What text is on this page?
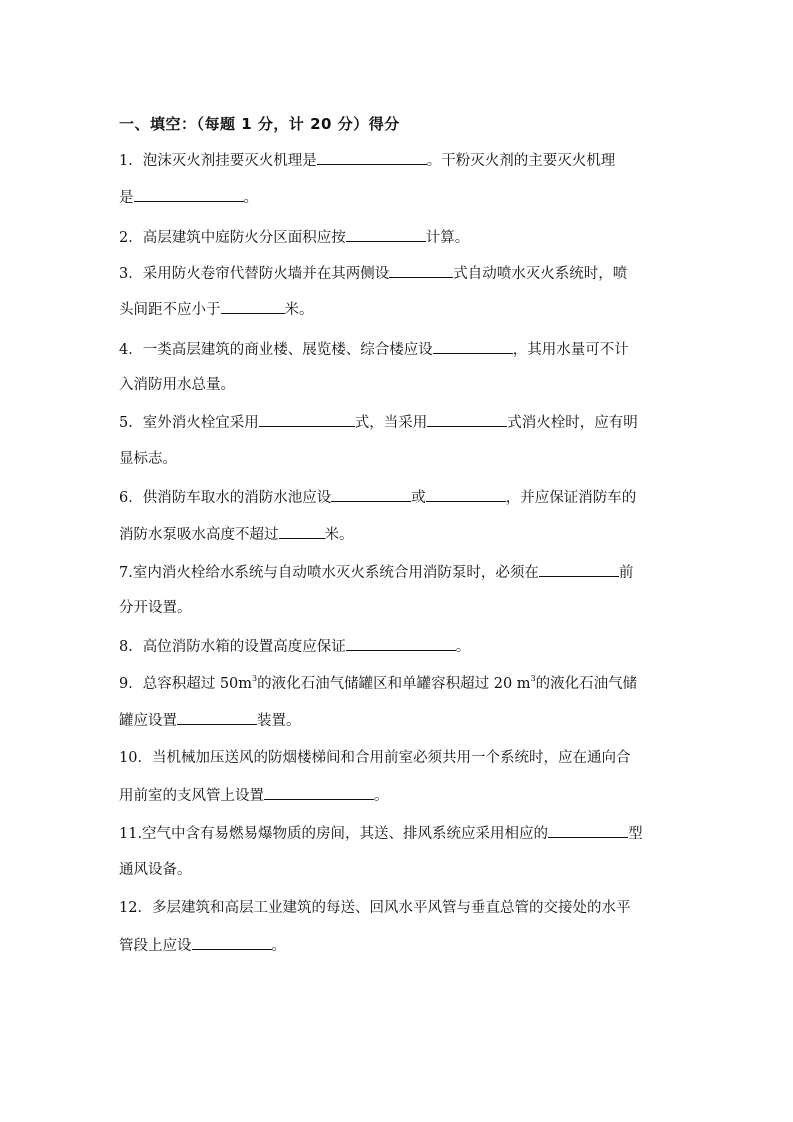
一、填空：（每题 1 分，计 20 分）得分
1．泡沫灭火剂挂要灭火机理是	。干粉灭火剂的主要灭火机理
是	。
2．高层建筑中庭防火分区面积应按	计算。
3．采用防火卷帘代替防火墙并在其两侧设	式自动喷水灭火系统时，喷
头间距不应小于	米。
4．一类高层建筑的商业楼、展览楼、综合楼应设	，其用水量可不计
入消防用水总量。
5．室外消火栓宜采用	式，当采用	式消火栓时，应有明
显标志。
6．供消防车取水的消防水池应设	或	，并应保证消防车的
消防水泵吸水高度不超过	米。
7.室内消火栓给水系统与自动喷水灭火系统合用消防泵时，必须在	前
分开设置。
8．高位消防水箱的设置高度应保证	。
9．总容积超过 $50m^3$的液化石油气储罐区和单罐容积超过 20 $m^3$的液化石油气储
罐应设置	装置。
10．当机械加压送风的防烟楼梯间和合用前室必须共用一个系统时，应在通向合
用前室的支风管上设置	。
11.空气中含有易燃易爆物质的房间，其送、排风系统应采用相应的	型
通风设备。
12．多层建筑和高层工业建筑的每送、回风水平风管与垂直总管的交接处的水平
管段上应设	。
